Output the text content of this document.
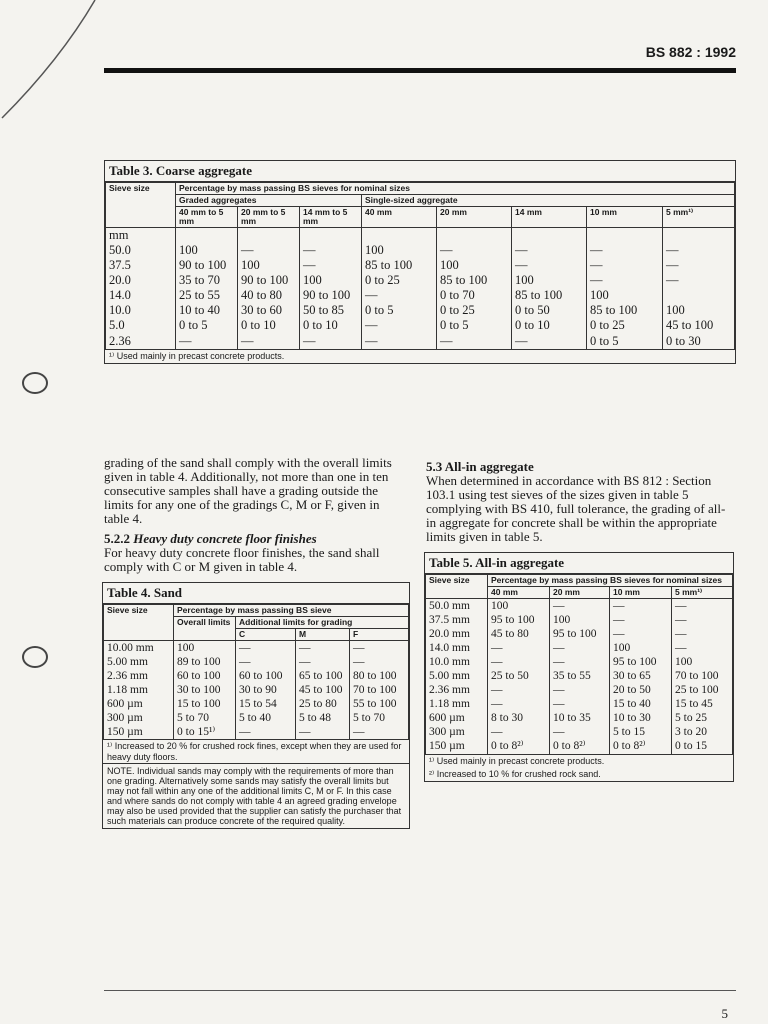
BS 882 : 1992
Table 3. Coarse aggregate
Sieve size	Percentage by mass passing BS sieves for nominal sizes							
	Graded aggregates			Single-sized aggregate				
	40 mm to 5 mm	20 mm to 5 mm	14 mm to 5 mm	40 mm	20 mm	14 mm	10 mm	5 mm¹⁾
mm								
50.0	100	—	—	100	—	—	—	—
37.5	90 to 100	100	—	85 to 100	100	—	—	—
20.0	35 to 70	90 to 100	100	0 to 25	85 to 100	100	—	—
14.0	25 to 55	40 to 80	90 to 100	—	0 to 70	85 to 100	100	
10.0	10 to 40	30 to 60	50 to 85	0 to 5	0 to 25	0 to 50	85 to 100	100
5.0	0 to 5	0 to 10	0 to 10	—	0 to 5	0 to 10	0 to 25	45 to 100
2.36	—	—	—	—	—	—	0 to 5	0 to 30
¹⁾ Used mainly in precast concrete products.
grading of the sand shall comply with the overall limits given in table 4. Additionally, not more than one in ten consecutive samples shall have a grading outside the limits for any one of the gradings C, M or F, given in table 4.
5.2.2 Heavy duty concrete floor finishes
For heavy duty concrete floor finishes, the sand shall comply with C or M given in table 4.
5.3 All-in aggregate
When determined in accordance with BS 812 : Section 103.1 using test sieves of the sizes given in table 5 complying with BS 410, full tolerance, the grading of all-in aggregate for concrete shall be within the appropriate limits given in table 5.
Table 4. Sand
Sieve size	Percentage by mass passing BS sieve			
	Overall limits	Additional limits for grading		
		C	M	F
10.00 mm	100	—	—	—
5.00 mm	89 to 100	—	—	—
2.36 mm	60 to 100	60 to 100	65 to 100	80 to 100
1.18 mm	30 to 100	30 to 90	45 to 100	70 to 100
600 µm	15 to 100	15 to 54	25 to 80	55 to 100
300 µm	5 to 70	5 to 40	5 to 48	5 to 70
150 µm	0 to 15¹⁾	—	—	—
¹⁾ Increased to 20 % for crushed rock fines, except when they are used for heavy duty floors.
NOTE. Individual sands may comply with the requirements of more than one grading. Alternatively some sands may satisfy the overall limits but may not fall within any one of the additional limits C, M or F. In this case and where sands do not comply with table 4 an agreed grading envelope may also be used provided that the supplier can satisfy the purchaser that such materials can produce concrete of the required quality.
Table 5. All-in aggregate
Sieve size	Percentage by mass passing BS sieves for nominal sizes			
	40 mm	20 mm	10 mm	5 mm¹⁾
50.0 mm	100	—	—	—
37.5 mm	95 to 100	100	—	—
20.0 mm	45 to 80	95 to 100	—	—
14.0 mm	—	—	100	—
10.0 mm	—	—	95 to 100	100
5.00 mm	25 to 50	35 to 55	30 to 65	70 to 100
2.36 mm	—	—	20 to 50	25 to 100
1.18 mm	—	—	15 to 40	15 to 45
600 µm	8 to 30	10 to 35	10 to 30	5 to 25
300 µm	—	—	5 to 15	3 to 20
150 µm	0 to 8²⁾	0 to 8²⁾	0 to 8²⁾	0 to 15
¹⁾ Used mainly in precast concrete products.
²⁾ Increased to 10 % for crushed rock sand.
5
